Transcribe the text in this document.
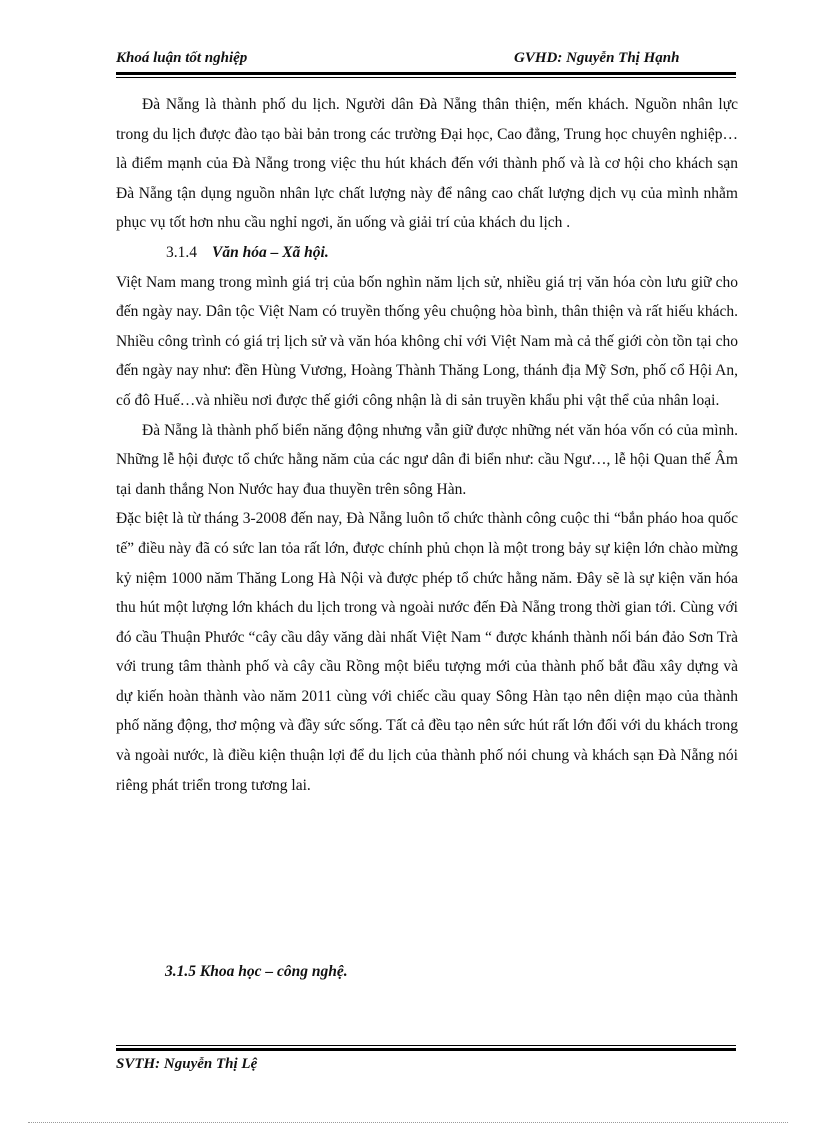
Khoá luận tốt nghiệp	GVHD: Nguyễn Thị Hạnh

Đà Nẵng là thành phố du lịch. Người dân Đà Nẵng thân thiện, mến khách. Nguồn nhân lực trong du lịch được đào tạo bài bản trong các trường Đại học, Cao đẳng, Trung học chuyên nghiệp… là điểm mạnh của Đà Nẵng trong việc thu hút khách đến với thành phố và là cơ hội cho khách sạn Đà Nẵng tận dụng nguồn nhân lực chất lượng này để nâng cao chất lượng dịch vụ của mình nhằm phục vụ tốt hơn nhu cầu nghỉ ngơi, ăn uống và giải trí của khách du lịch .

3.1.4 Văn hóa – Xã hội.

Việt Nam mang trong mình giá trị của bốn nghìn năm lịch sử, nhiều giá trị văn hóa còn lưu giữ cho đến ngày nay. Dân tộc Việt Nam có truyền thống yêu chuộng hòa bình, thân thiện và rất hiếu khách. Nhiều công trình có giá trị lịch sử và văn hóa không chỉ với Việt Nam mà cả thế giới còn tồn tại cho đến ngày nay như: đền Hùng Vương, Hoàng Thành Thăng Long, thánh địa Mỹ Sơn, phố cổ Hội An, cố đô Huế…và nhiều nơi được thế giới công nhận là di sản truyền khẩu phi vật thể của nhân loại.

Đà Nẵng là thành phố biển năng động nhưng vẫn giữ được những nét văn hóa vốn có của mình. Những lễ hội được tổ chức hằng năm của các ngư dân đi biển như: cầu Ngư…, lễ hội Quan thế Âm tại danh thắng Non Nước hay đua thuyền trên sông Hàn.

Đặc biệt là từ tháng 3-2008 đến nay, Đà Nẵng luôn tổ chức thành công cuộc thi “bắn pháo hoa quốc tế” điều này đã có sức lan tỏa rất lớn, được chính phủ chọn là một trong bảy sự kiện lớn chào mừng kỷ niệm 1000 năm Thăng Long Hà Nội và được phép tổ chức hằng năm. Đây sẽ là sự kiện văn hóa thu hút một lượng lớn khách du lịch trong và ngoài nước đến Đà Nẵng trong thời gian tới. Cùng với đó cầu Thuận Phước “cây cầu dây văng dài nhất Việt Nam “ được khánh thành nối bán đảo Sơn Trà với trung tâm thành phố và cây cầu Rồng một biểu tượng mới của thành phố bắt đầu xây dựng và dự kiến hoàn thành vào năm 2011 cùng với chiếc cầu quay Sông Hàn tạo nên diện mạo của thành phố năng động, thơ mộng và đầy sức sống. Tất cả đều tạo nên sức hút rất lớn đối với du khách trong và ngoài nước, là điều kiện thuận lợi để du lịch của thành phố nói chung và khách sạn Đà Nẵng nói riêng phát triển trong tương lai.

3.1.5 Khoa học – công nghệ.
SVTH: Nguyễn Thị Lệ
